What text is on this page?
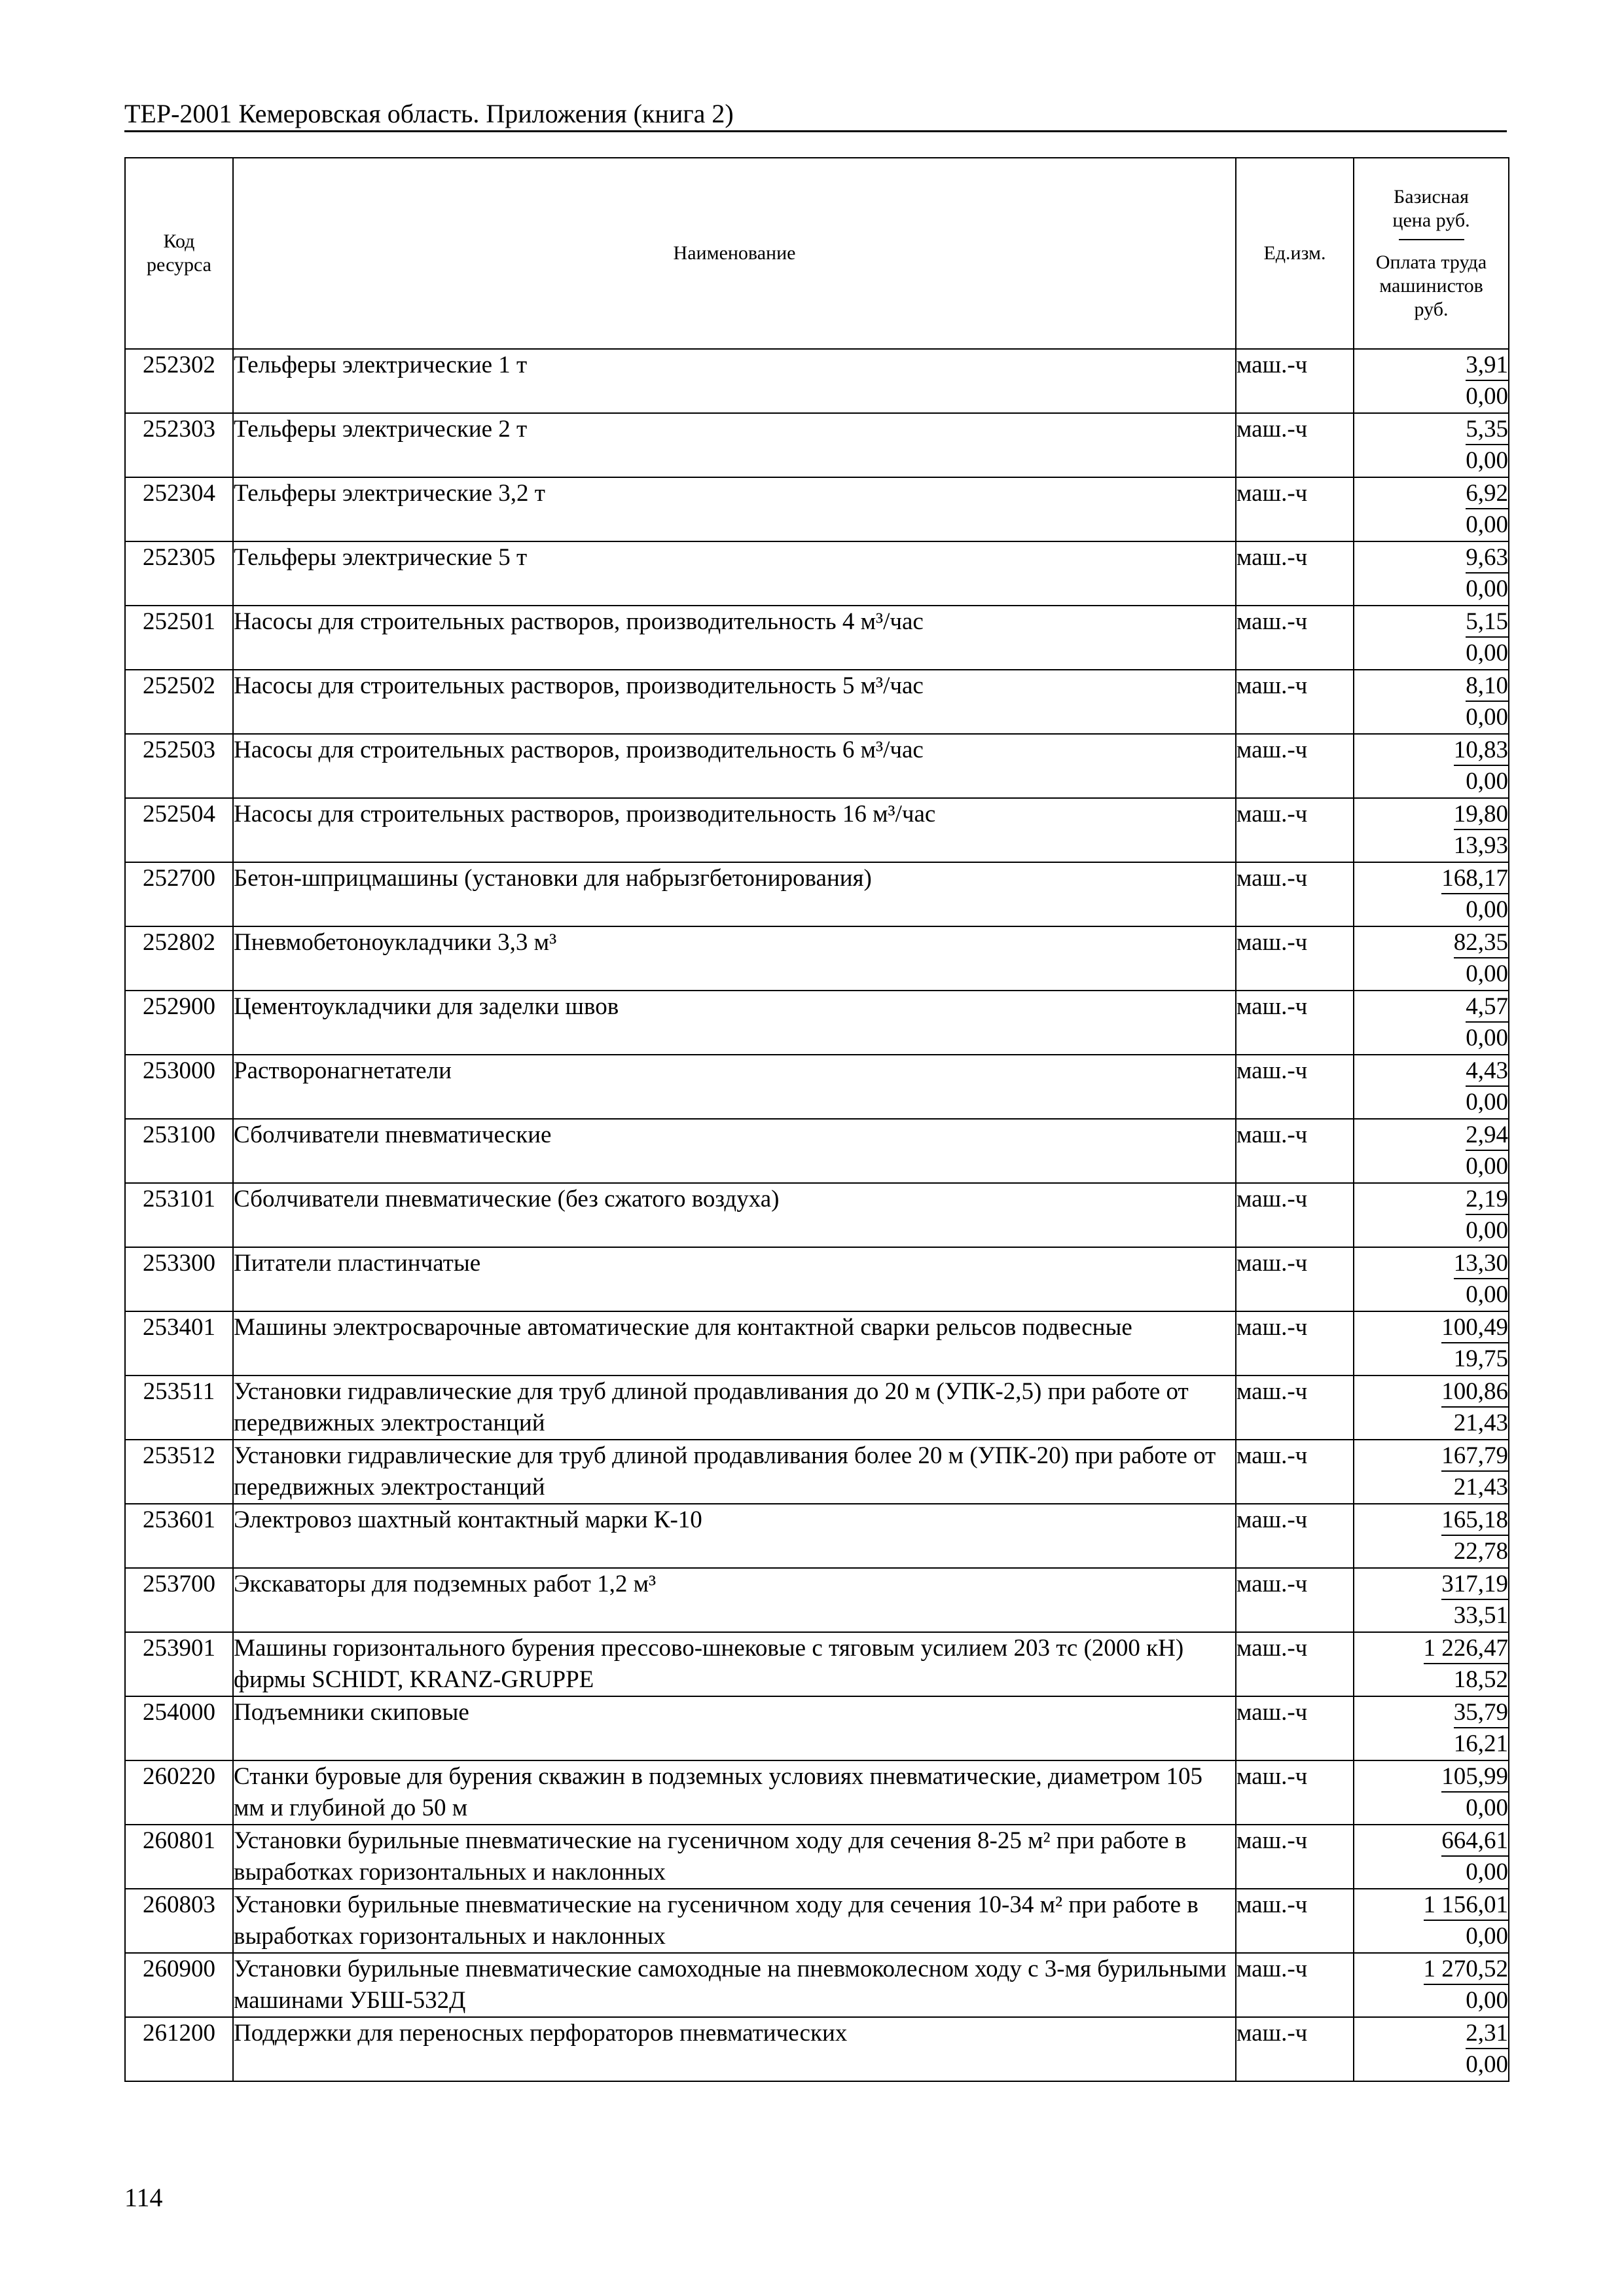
ТЕР-2001 Кемеровская область. Приложения (книга 2)
Код ресурса	Наименование	Ед.изм.	Базисная цена руб.
Оплата труда машинистов руб.

252302	Тельферы электрические 1 т	маш.-ч	3,91
0,00

252303	Тельферы электрические 2 т	маш.-ч	5,35
0,00

252304	Тельферы электрические 3,2 т	маш.-ч	6,92
0,00

252305	Тельферы электрические 5 т	маш.-ч	9,63
0,00

252501	Насосы для строительных растворов, производительность 4 м³/час	маш.-ч	5,15
0,00

252502	Насосы для строительных растворов, производительность 5 м³/час	маш.-ч	8,10
0,00

252503	Насосы для строительных растворов, производительность 6 м³/час	маш.-ч	10,83
0,00

252504	Насосы для строительных растворов, производительность 16 м³/час	маш.-ч	19,80
13,93

252700	Бетон-шприцмашины (установки для набрызгбетонирования)	маш.-ч	168,17
0,00

252802	Пневмобетоноукладчики 3,3 м³	маш.-ч	82,35
0,00

252900	Цементоукладчики для заделки швов	маш.-ч	4,57
0,00

253000	Растворонагнетатели	маш.-ч	4,43
0,00

253100	Сболчиватели пневматические	маш.-ч	2,94
0,00

253101	Сболчиватели пневматические (без сжатого воздуха)	маш.-ч	2,19
0,00

253300	Питатели пластинчатые	маш.-ч	13,30
0,00

253401	Машины электросварочные автоматические для контактной сварки рельсов подвесные	маш.-ч	100,49
19,75

253511	Установки гидравлические для труб длиной продавливания до 20 м (УПК-2,5) при работе от передвижных электростанций	маш.-ч	100,86
21,43

253512	Установки гидравлические для труб длиной продавливания более 20 м (УПК-20) при работе от передвижных электростанций	маш.-ч	167,79
21,43

253601	Электровоз шахтный контактный марки К-10	маш.-ч	165,18
22,78

253700	Экскаваторы для подземных работ 1,2 м³	маш.-ч	317,19
33,51

253901	Машины горизонтального бурения прессово-шнековые с тяговым усилием 203 тс (2000 кН) фирмы SCHIDT, KRANZ-GRUPPE	маш.-ч	1 226,47
18,52

254000	Подъемники скиповые	маш.-ч	35,79
16,21

260220	Станки буровые для бурения скважин в подземных условиях пневматические, диаметром 105 мм и глубиной до 50 м	маш.-ч	105,99
0,00

260801	Установки бурильные пневматические на гусеничном ходу для сечения 8-25 м² при работе в выработках горизонтальных и наклонных	маш.-ч	664,61
0,00

260803	Установки бурильные пневматические на гусеничном ходу для сечения 10-34 м² при работе в выработках горизонтальных и наклонных	маш.-ч	1 156,01
0,00

260900	Установки бурильные пневматические самоходные на пневмоколесном ходу с 3-мя бурильными машинами УБШ-532Д	маш.-ч	1 270,52
0,00

261200	Поддержки для переносных перфораторов пневматических	маш.-ч	2,31
0,00
114
